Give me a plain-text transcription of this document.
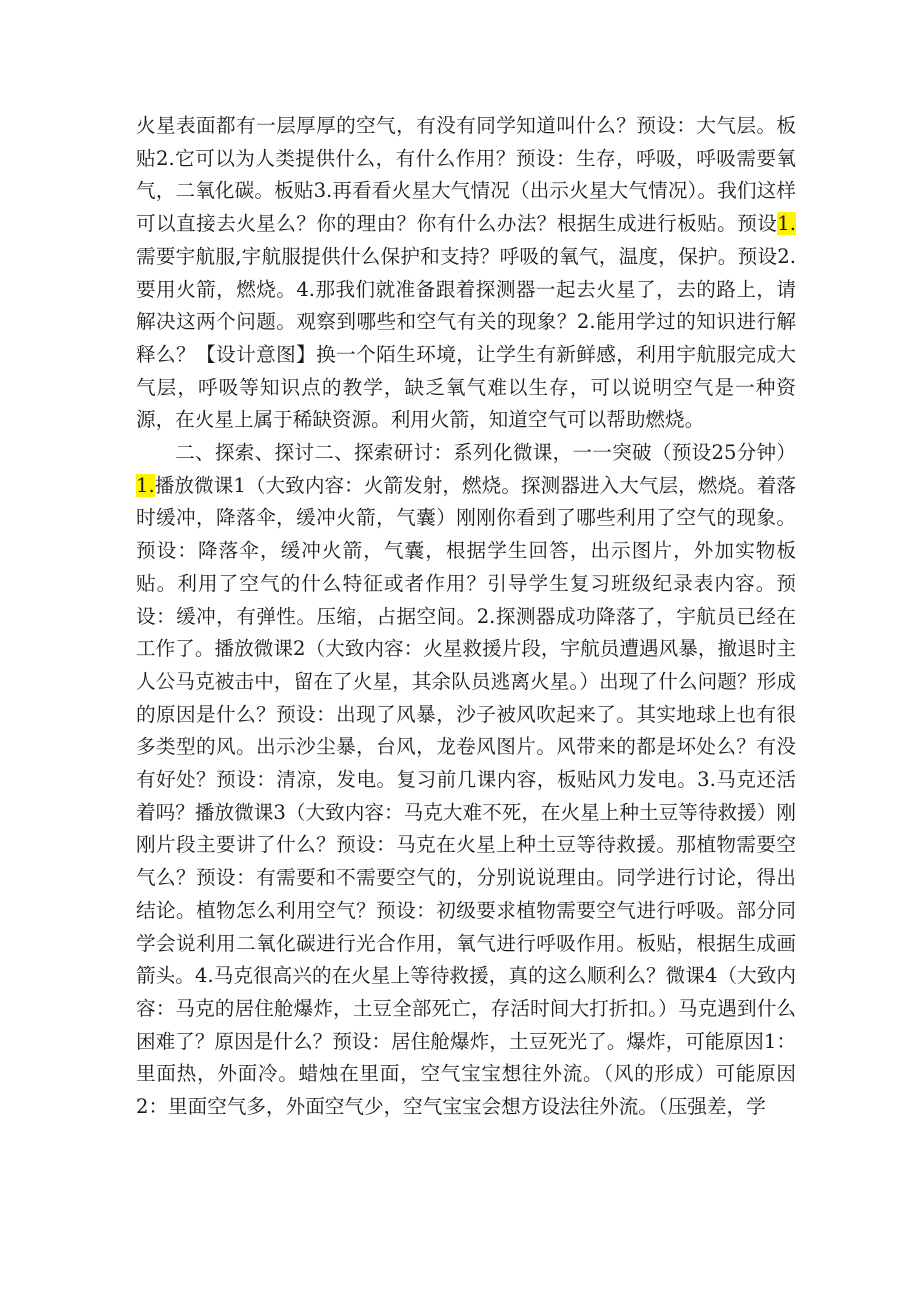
火星表面都有一层厚厚的空气，有没有同学知道叫什么？预设：大气层。板贴2.它可以为人类提供什么，有什么作用？预设：生存，呼吸，呼吸需要氧气，二氧化碳。板贴3.再看看火星大气情况（出示火星大气情况）。我们这样可以直接去火星么？你的理由？你有什么办法？根据生成进行板贴。预设1.需要宇航服,宇航服提供什么保护和支持？呼吸的氧气，温度，保护。预设2.要用火箭，燃烧。4.那我们就准备跟着探测器一起去火星了，去的路上，请解决这两个问题。观察到哪些和空气有关的现象？2.能用学过的知识进行解释么？【设计意图】换一个陌生环境，让学生有新鲜感，利用宇航服完成大气层，呼吸等知识点的教学，缺乏氧气难以生存，可以说明空气是一种资源，在火星上属于稀缺资源。利用火箭，知道空气可以帮助燃烧。

二、探索、探讨二、探索研讨：系列化微课，一一突破（预设25分钟）1.播放微课1（大致内容：火箭发射，燃烧。探测器进入大气层，燃烧。着落时缓冲，降落伞，缓冲火箭，气囊）刚刚你看到了哪些利用了空气的现象。预设：降落伞，缓冲火箭，气囊，根据学生回答，出示图片，外加实物板贴。利用了空气的什么特征或者作用？引导学生复习班级纪录表内容。预设：缓冲，有弹性。压缩，占据空间。2.探测器成功降落了，宇航员已经在工作了。播放微课2（大致内容：火星救援片段，宇航员遭遇风暴，撤退时主人公马克被击中，留在了火星，其余队员逃离火星。）出现了什么问题？形成的原因是什么？预设：出现了风暴，沙子被风吹起来了。其实地球上也有很多类型的风。出示沙尘暴，台风，龙卷风图片。风带来的都是坏处么？有没有好处？预设：清凉，发电。复习前几课内容，板贴风力发电。3.马克还活着吗？播放微课3（大致内容：马克大难不死，在火星上种土豆等待救援）刚刚片段主要讲了什么？预设：马克在火星上种土豆等待救援。那植物需要空气么？预设：有需要和不需要空气的，分别说说理由。同学进行讨论，得出结论。植物怎么利用空气？预设：初级要求植物需要空气进行呼吸。部分同学会说利用二氧化碳进行光合作用，氧气进行呼吸作用。板贴，根据生成画箭头。4.马克很高兴的在火星上等待救援，真的这么顺利么？微课4（大致内容：马克的居住舱爆炸，土豆全部死亡，存活时间大打折扣。）马克遇到什么困难了？原因是什么？预设：居住舱爆炸，土豆死光了。爆炸，可能原因1：里面热，外面冷。蜡烛在里面，空气宝宝想往外流。（风的形成）可能原因2：里面空气多，外面空气少，空气宝宝会想方设法往外流。（压强差，学
